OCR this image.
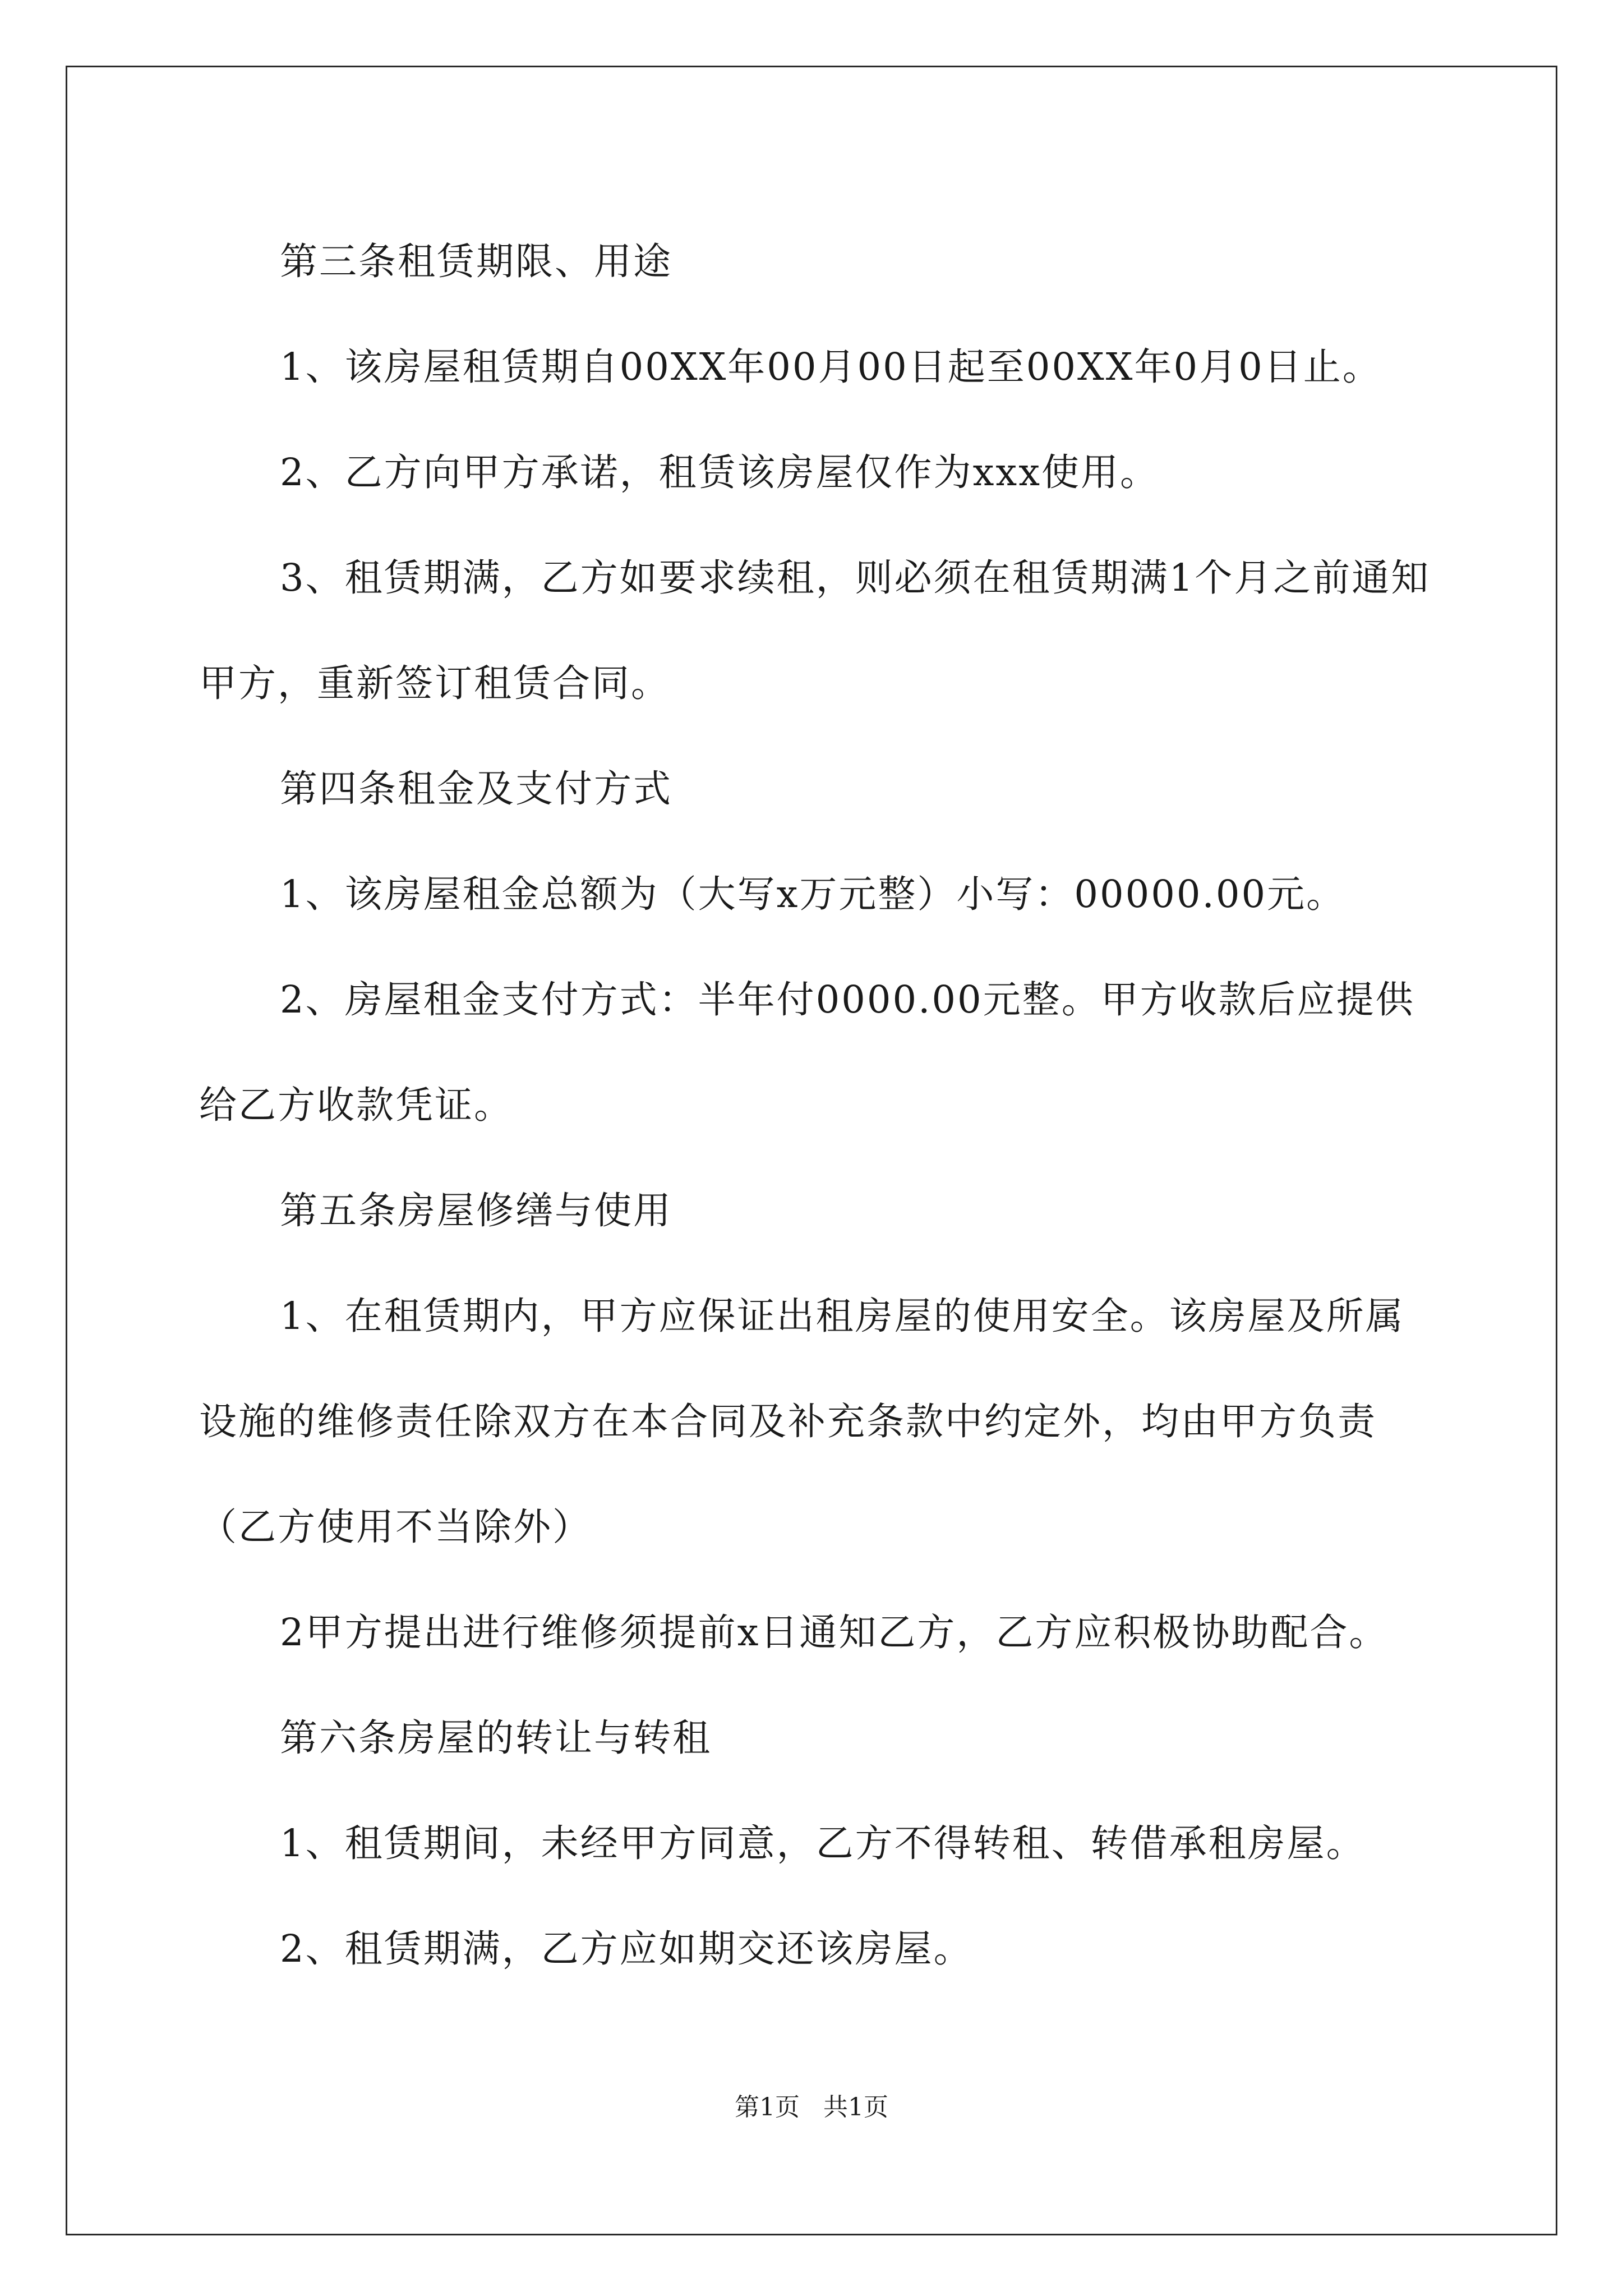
第三条租赁期限、用途

1、该房屋租赁期自00XX年00月00日起至00XX年0月0日止。

2、乙方向甲方承诺，租赁该房屋仅作为xxx使用。

3、租赁期满，乙方如要求续租，则必须在租赁期满1个月之前通知甲方，重新签订租赁合同。

第四条租金及支付方式

1、该房屋租金总额为（大写x万元整）小写：00000.00元。

2、房屋租金支付方式：半年付0000.00元整。甲方收款后应提供给乙方收款凭证。

第五条房屋修缮与使用

1、在租赁期内，甲方应保证出租房屋的使用安全。该房屋及所属设施的维修责任除双方在本合同及补充条款中约定外，均由甲方负责（乙方使用不当除外）

2甲方提出进行维修须提前x日通知乙方，乙方应积极协助配合。

第六条房屋的转让与转租

1、租赁期间，未经甲方同意，乙方不得转租、转借承租房屋。

2、租赁期满，乙方应如期交还该房屋。

第1页 共1页
